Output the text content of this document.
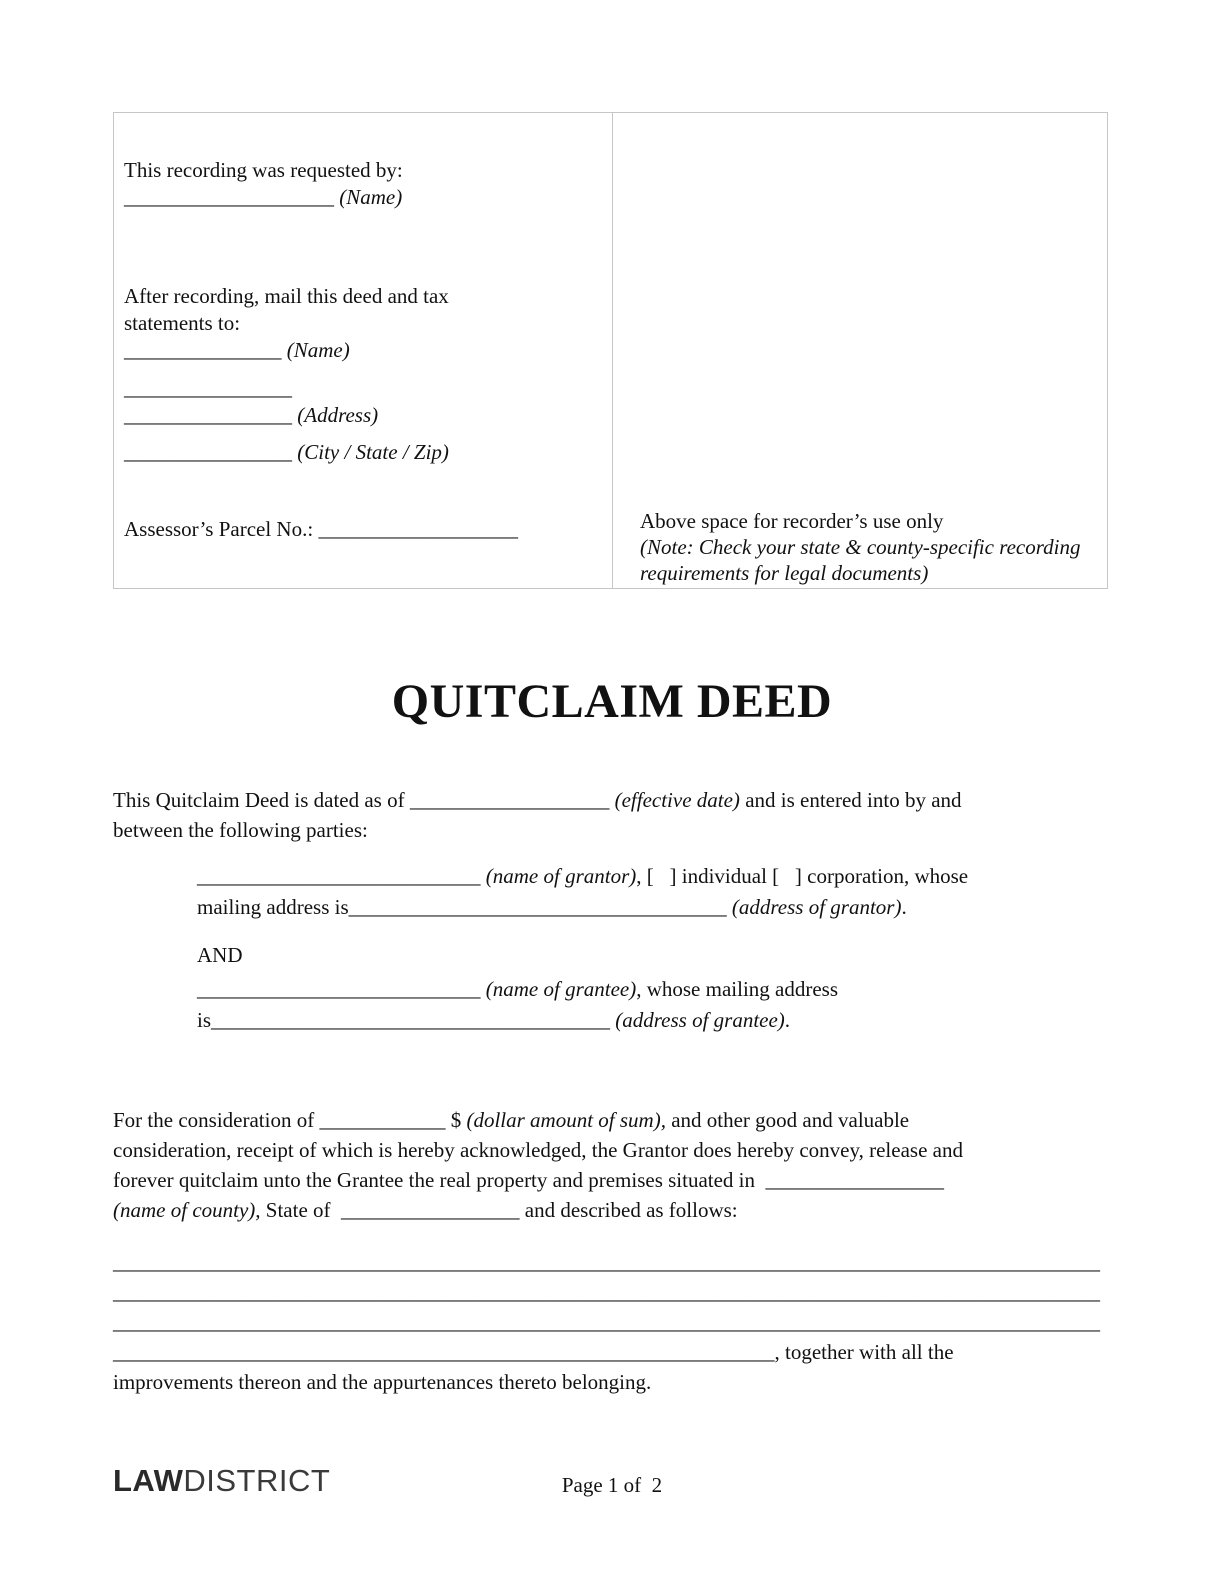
This recording was requested by:
____________________ (Name)
After recording, mail this deed and tax
statements to:
_______________ (Name)
________________
________________ (Address)
________________ (City / State / Zip)
Assessor’s Parcel No.: ___________________	Above space for recorder’s use only
(Note: Check your state & county-specific recording
requirements for legal documents)
QUITCLAIM DEED
This Quitclaim Deed is dated as of ___________________ (effective date) and is entered into by and
between the following parties:
___________________________ (name of grantor), [   ] individual [   ] corporation, whose
mailing address is____________________________________ (address of grantor).
AND
___________________________ (name of grantee), whose mailing address
is______________________________________ (address of grantee).
For the consideration of ____________ $ (dollar amount of sum), and other good and valuable
consideration, receipt of which is hereby acknowledged, the Grantor does hereby convey, release and
forever quitclaim unto the Grantee the real property and premises situated in  _________________
(name of county), State of  _________________ and described as follows:
______________________________________________________________________________________________
______________________________________________________________________________________________
______________________________________________________________________________________________
_______________________________________________________________, together with all the
improvements thereon and the appurtenances thereto belonging.
LAWDISTRICT	Page 1 of  2
